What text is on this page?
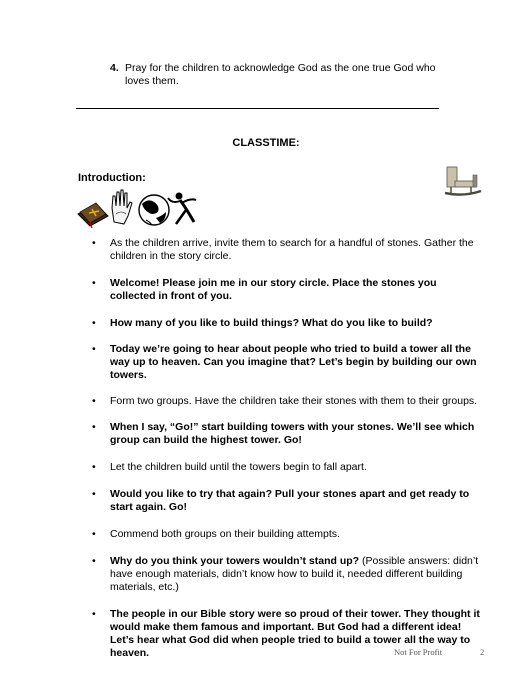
4. Pray for the children to acknowledge God as the one true God who loves them.
CLASSTIME:
Introduction:
• As the children arrive, invite them to search for a handful of stones. Gather the children in the story circle.
• Welcome! Please join me in our story circle. Place the stones you collected in front of you.
• How many of you like to build things? What do you like to build?
• Today we’re going to hear about people who tried to build a tower all the way up to heaven. Can you imagine that? Let’s begin by building our own towers.
• Form two groups. Have the children take their stones with them to their groups.
• When I say, “Go!” start building towers with your stones. We’ll see which group can build the highest tower. Go!
• Let the children build until the towers begin to fall apart.
• Would you like to try that again? Pull your stones apart and get ready to start again. Go!
• Commend both groups on their building attempts.
• Why do you think your towers wouldn’t stand up? (Possible answers: didn’t have enough materials, didn’t know how to build it, needed different building materials, etc.)
• The people in our Bible story were so proud of their tower. They thought it would make them famous and important. But God had a different idea! Let’s hear what God did when people tried to build a tower all the way to heaven.	Not For Profit	2
